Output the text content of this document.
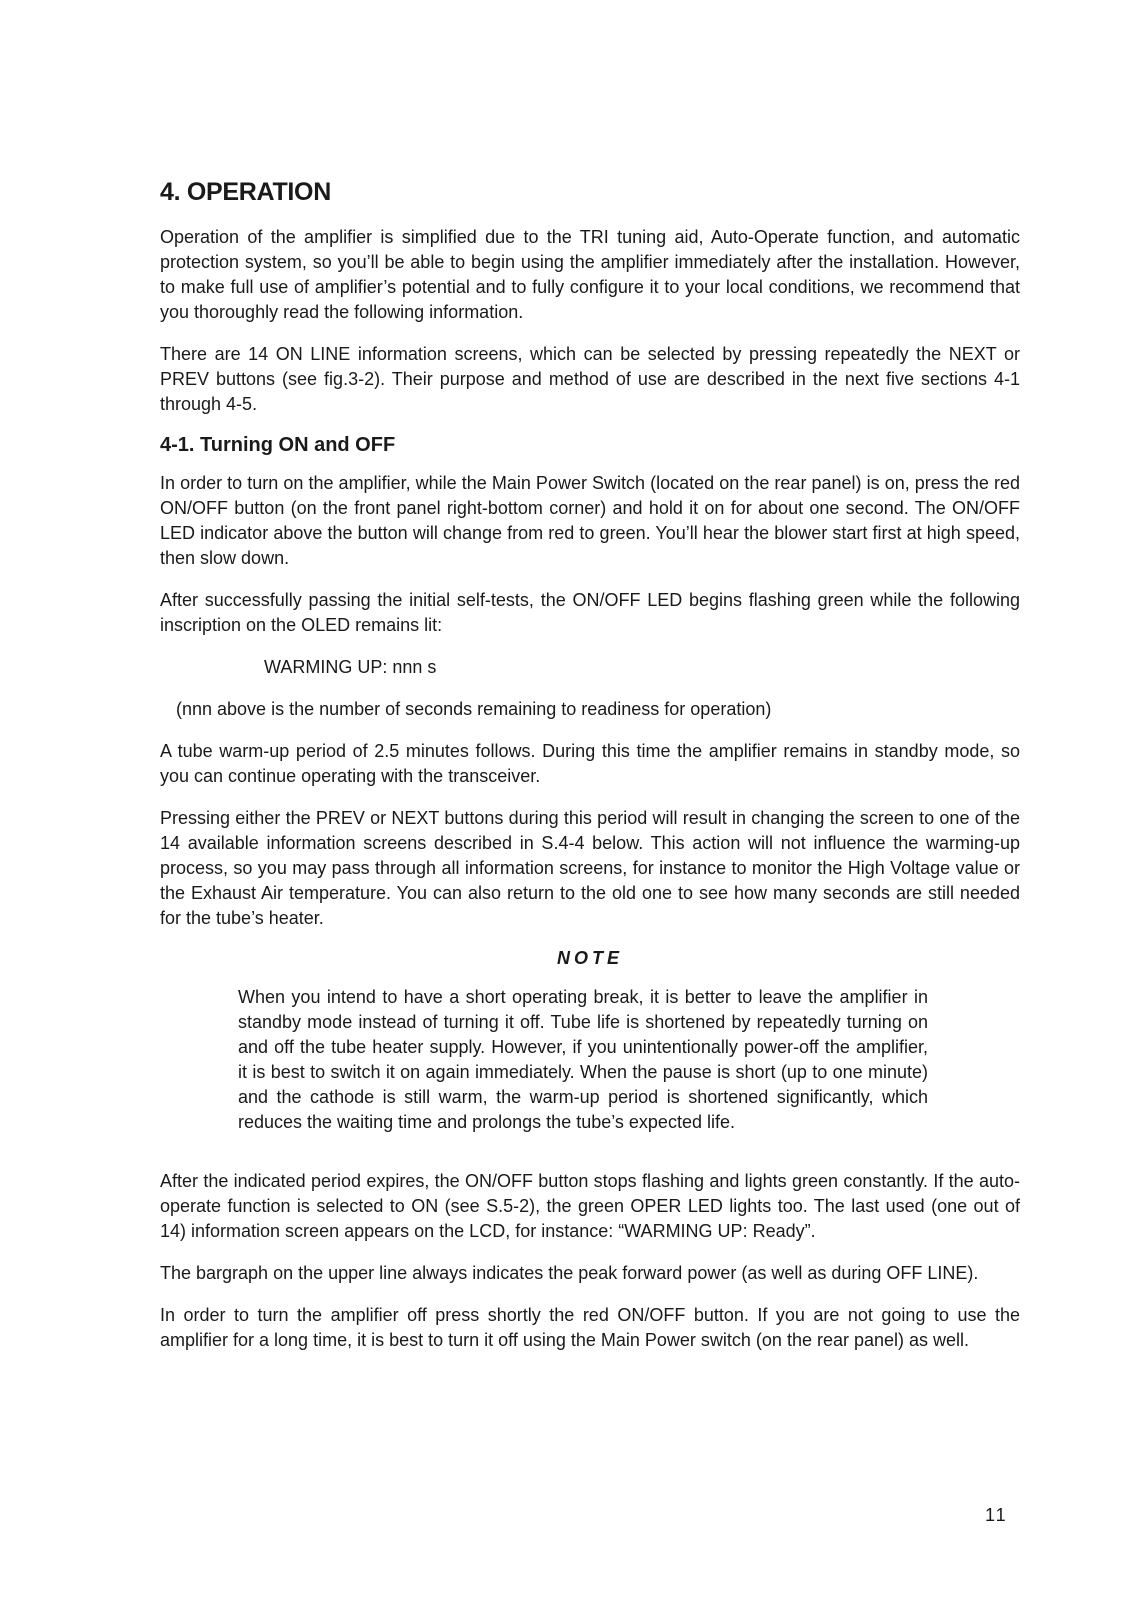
4. OPERATION

Operation of the amplifier is simplified due to the TRI tuning aid, Auto-Operate function, and automatic protection system, so you’ll be able to begin using the amplifier immediately after the installation. However, to make full use of amplifier’s potential and to fully configure it to your local conditions, we recommend that you thoroughly read the following information.

There are 14 ON LINE information screens, which can be selected by pressing repeatedly the NEXT or PREV buttons (see fig.3-2). Their purpose and method of use are described in the next five sections 4-1 through 4-5.

4-1. Turning ON and OFF

In order to turn on the amplifier, while the Main Power Switch (located on the rear panel) is on, press the red ON/OFF button (on the front panel right-bottom corner) and hold it on for about one second. The ON/OFF LED indicator above the button will change from red to green. You’ll hear the blower start first at high speed, then slow down.

After successfully passing the initial self-tests, the ON/OFF LED begins flashing green while the following inscription on the OLED remains lit:

WARMING UP: nnn s
(nnn above is the number of seconds remaining to readiness for operation)

A tube warm-up period of 2.5 minutes follows. During this time the amplifier remains in standby mode, so you can continue operating with the transceiver.

Pressing either the PREV or NEXT buttons during this period will result in changing the screen to one of the 14 available information screens described in S.4-4 below. This action will not influence the warming-up process, so you may pass through all information screens, for instance to monitor the High Voltage value or the Exhaust Air temperature. You can also return to the old one to see how many seconds are still needed for the tube’s heater.

NOTE

When you intend to have a short operating break, it is better to leave the amplifier in standby mode instead of turning it off. Tube life is shortened by repeatedly turning on and off the tube heater supply. However, if you unintentionally power-off the amplifier, it is best to switch it on again immediately. When the pause is short (up to one minute) and the cathode is still warm, the warm-up period is shortened significantly, which reduces the waiting time and prolongs the tube’s expected life.

After the indicated period expires, the ON/OFF button stops flashing and lights green constantly. If the auto-operate function is selected to ON (see S.5-2), the green OPER LED lights too. The last used (one out of 14) information screen appears on the LCD, for instance: “WARMING UP: Ready”.

The bargraph on the upper line always indicates the peak forward power (as well as during OFF LINE).

In order to turn the amplifier off press shortly the red ON/OFF button. If you are not going to use the amplifier for a long time, it is best to turn it off using the Main Power switch (on the rear panel) as well.

11
